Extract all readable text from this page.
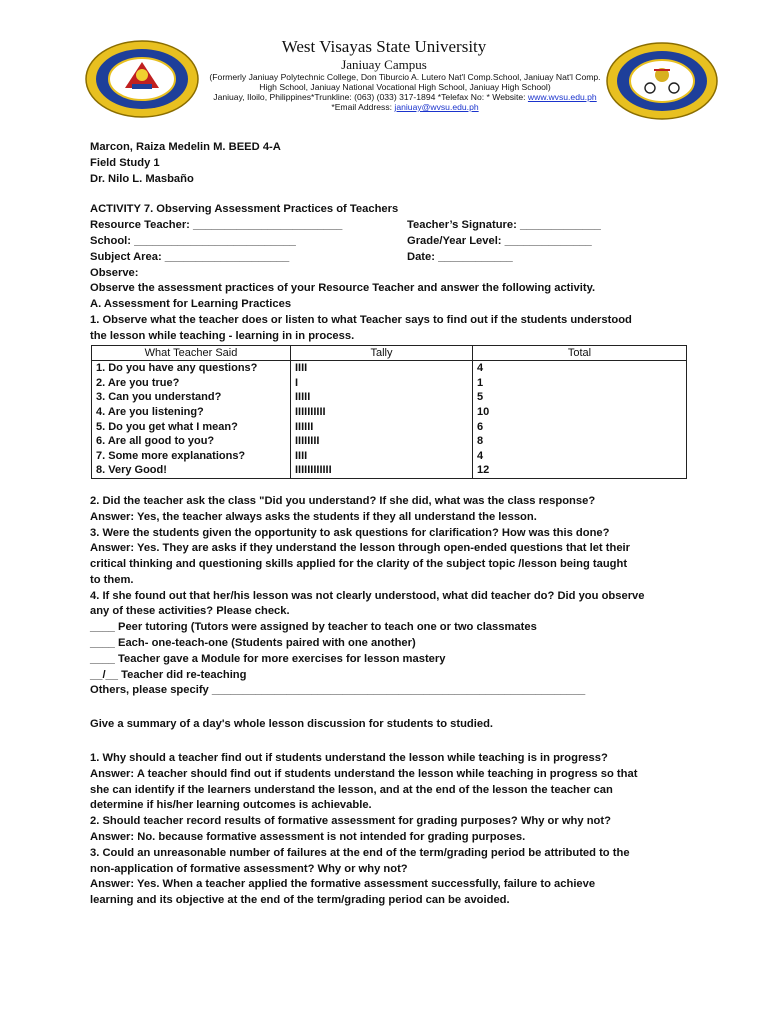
West Visayas State University
Janiuay Campus
(Formerly Janiuay Polytechnic College, Don Tiburcio A. Lutero Nat'l Comp.School, Janiuay Nat'l Comp. High School, Janiuay National Vocational High School, Janiuay High School)
Janiuay, Iloilo, Philippines*Trunkline: (063) (033) 317-1894 *Telefax No: * Website: www.wvsu.edu.ph *Email Address: janiuay@wvsu.edu.ph
Marcon, Raiza Medelin M. BEED 4-A
Field Study 1
Dr. Nilo L. Masbaño
ACTIVITY 7. Observing Assessment Practices of Teachers
Resource Teacher: ________________________	Teacher’s Signature: _____________
School: __________________________	Grade/Year Level: ______________
Subject Area: ____________________	Date: ____________
Observe:
Observe the assessment practices of your Resource Teacher and answer the following activity.
A. Assessment for Learning Practices
1. Observe what the teacher does or listen to what Teacher says to find out if the students understood
the lesson while teaching - learning in in process.
What Teacher Said	Tally	Total
1. Do you have any questions?	IIII	4
2. Are you true?	I	1
3. Can you understand?	IIIII	5
4. Are you listening?	IIIIIIIIII	10
5. Do you get what I mean?	IIIIII	6
6. Are all good to you?	IIIIIIII	8
7. Some more explanations?	IIII	4
8. Very Good!	IIIIIIIIIIII	12
2. Did the teacher ask the class "Did you understand? If she did, what was the class response?
Answer: Yes, the teacher always asks the students if they all understand the lesson.
3. Were the students given the opportunity to ask questions for clarification? How was this done?
Answer: Yes. They are asks if they understand the lesson through open-ended questions that let their
critical thinking and questioning skills applied for the clarity of the subject topic /lesson being taught
to them.
4. If she found out that her/his lesson was not clearly understood, what did teacher do? Did you observe
any of these activities? Please check.
____ Peer tutoring (Tutors were assigned by teacher to teach one or two classmates
____ Each- one-teach-one (Students paired with one another)
____ Teacher gave a Module for more exercises for lesson mastery
__/__ Teacher did re-teaching
Others, please specify ____________________________________________________________
Give a summary of a day's whole lesson discussion for students to studied.
1. Why should a teacher find out if students understand the lesson while teaching is in progress?
Answer: A teacher should find out if students understand the lesson while teaching in progress so that
she can identify if the learners understand the lesson, and at the end of the lesson the teacher can
determine if his/her learning outcomes is achievable.
2. Should teacher record results of formative assessment for grading purposes? Why or why not?
Answer: No. because formative assessment is not intended for grading purposes.
3. Could an unreasonable number of failures at the end of the term/grading period be attributed to the
non-application of formative assessment? Why or why not?
Answer: Yes. When a teacher applied the formative assessment successfully, failure to achieve
learning and its objective at the end of the term/grading period can be avoided.
